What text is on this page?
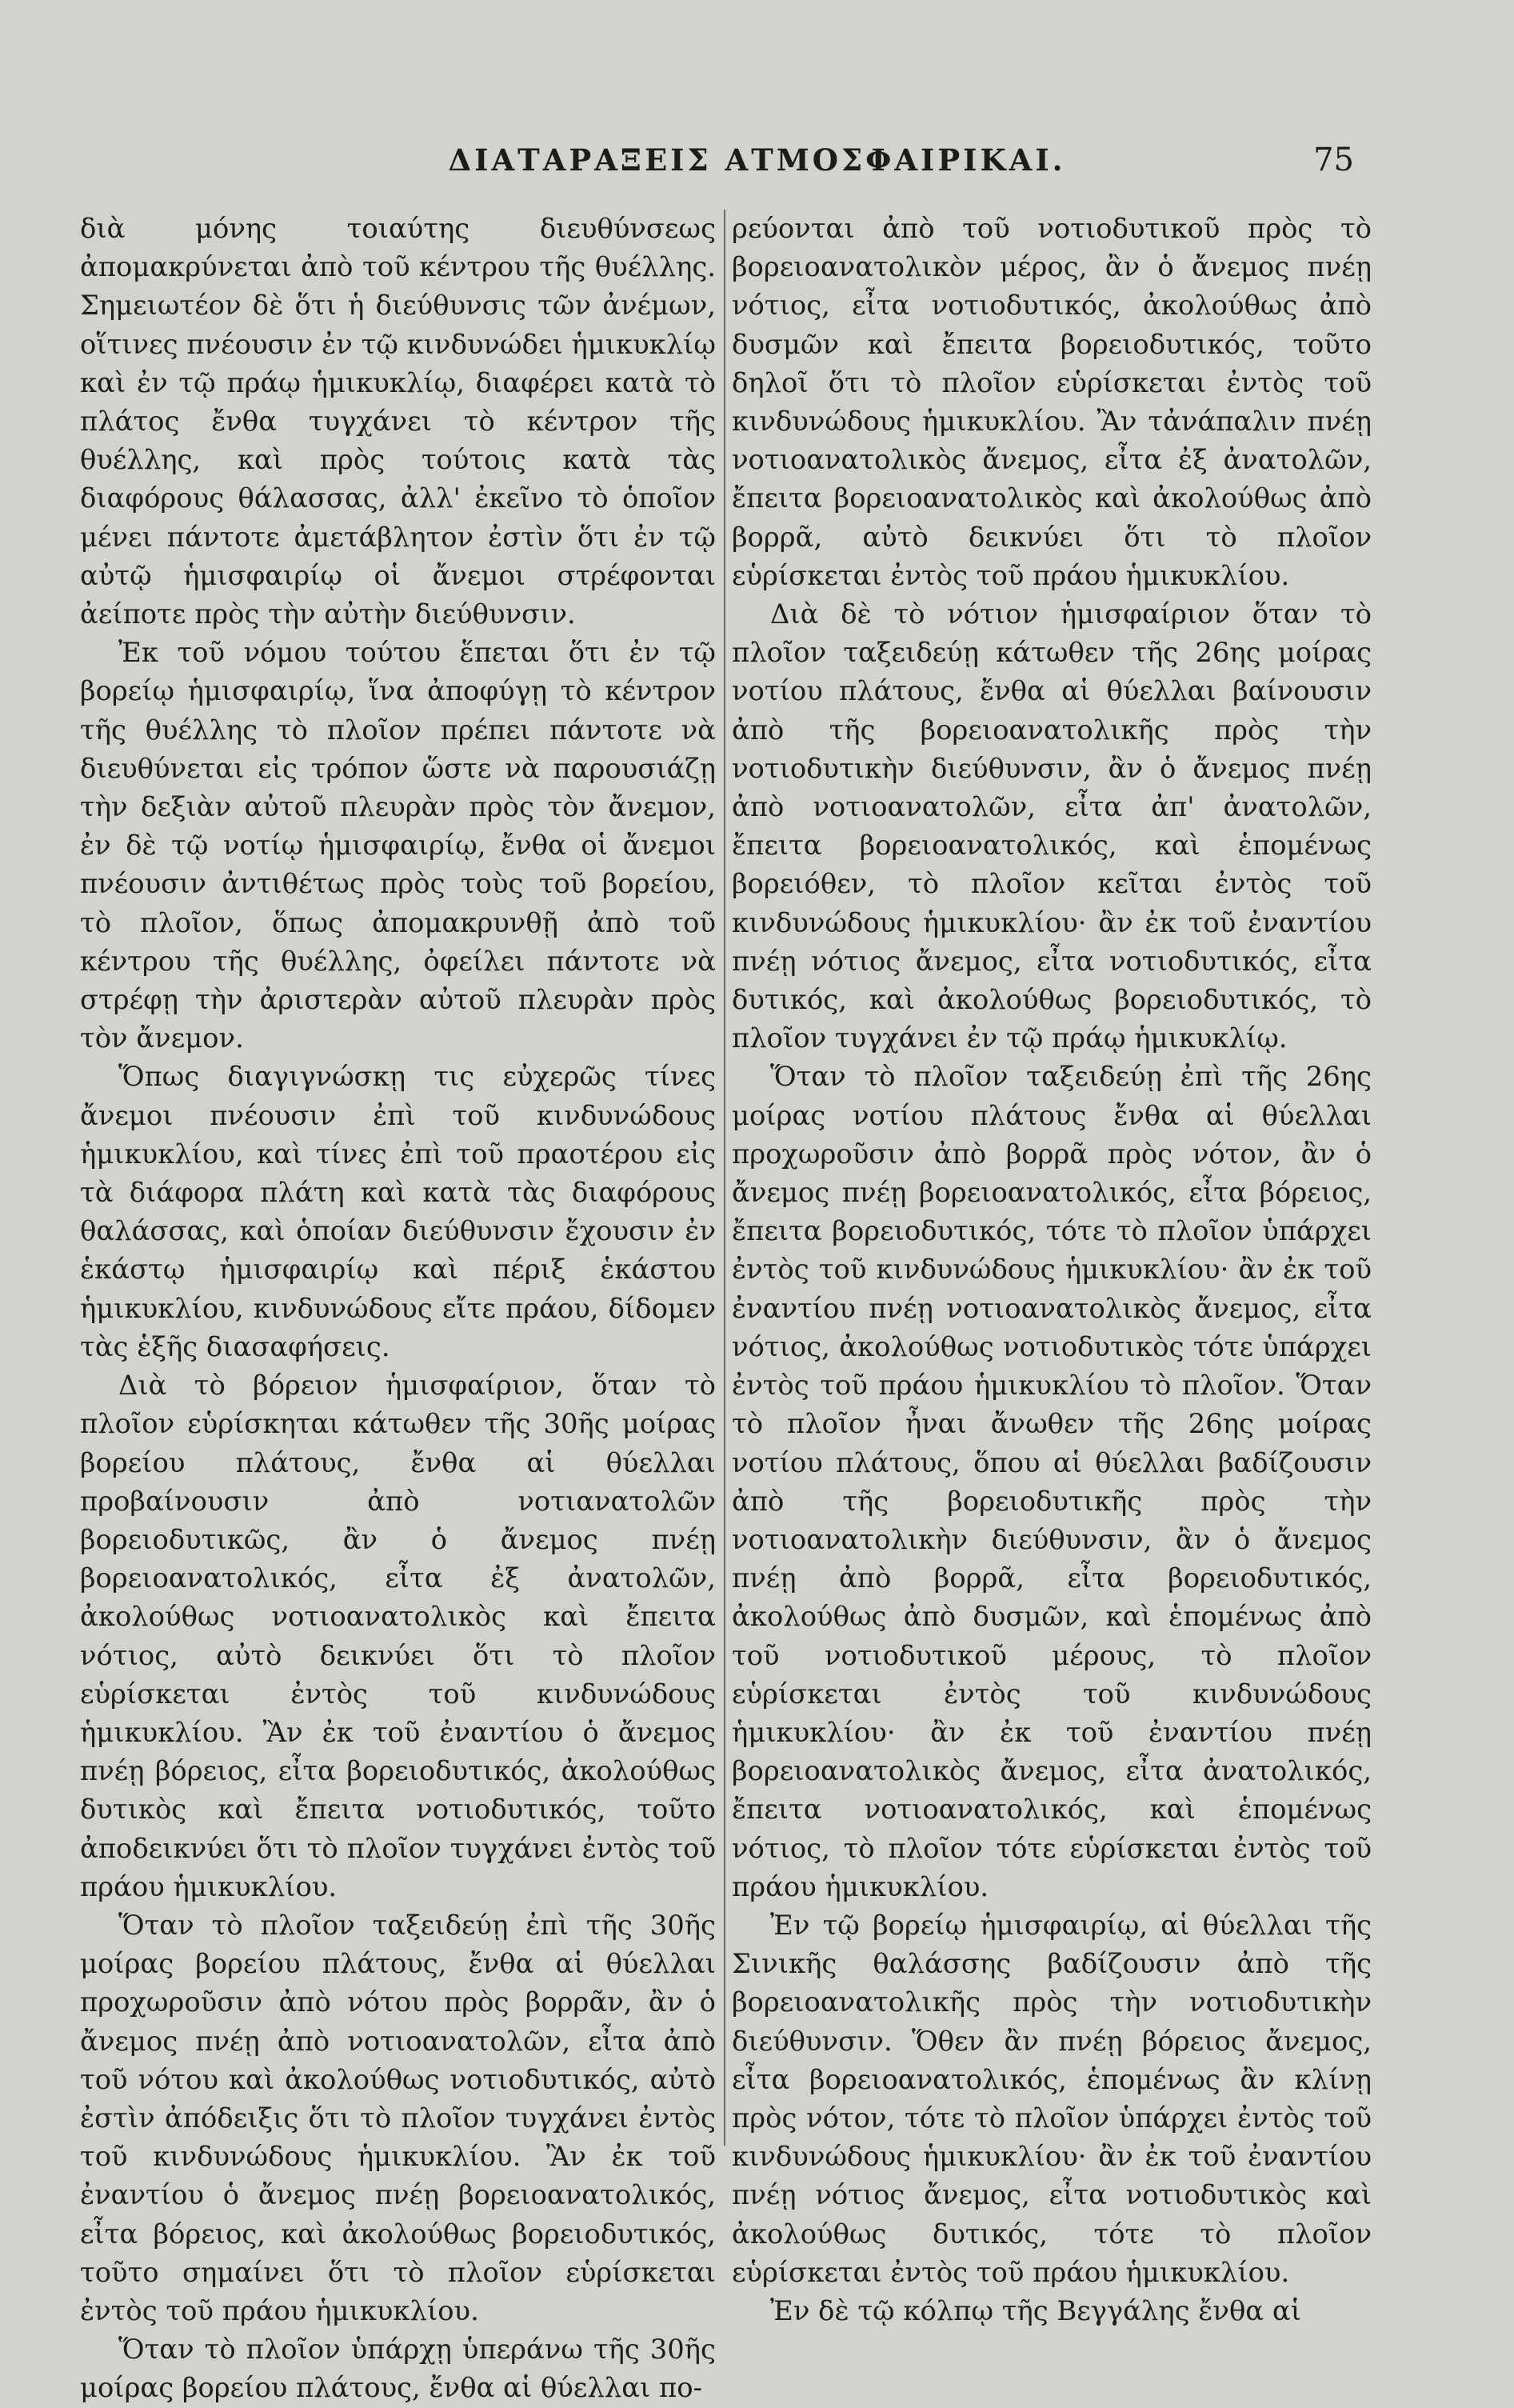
ΔΙΑΤΑΡΑΞΕΙΣ ΑΤΜΟΣΦΑΙΡΙΚΑΙ.	75

διὰ μόνης τοιαύτης διευθύνσεως ἀπομακρύνεται ἀπὸ τοῦ κέντρου τῆς θυέλλης. Σημειωτέον δὲ ὅτι ἡ διεύθυνσις τῶν ἀνέμων, οἵτινες πνέουσιν ἐν τῷ κινδυνώδει ἡμικυκλίῳ καὶ ἐν τῷ πράῳ ἡμικυκλίῳ, διαφέρει κατὰ τὸ πλάτος ἔνθα τυγχάνει τὸ κέντρον τῆς θυέλλης, καὶ πρὸς τούτοις κατὰ τὰς διαφόρους θάλασσας, ἀλλ' ἐκεῖνο τὸ ὁποῖον μένει πάντοτε ἀμετάβλητον ἐστὶν ὅτι ἐν τῷ αὐτῷ ἡμισφαιρίῳ οἱ ἄνεμοι στρέφονται ἀείποτε πρὸς τὴν αὐτὴν διεύθυνσιν.

Ἐκ τοῦ νόμου τούτου ἕπεται ὅτι ἐν τῷ βορείῳ ἡμισφαιρίῳ, ἵνα ἀποφύγῃ τὸ κέντρον τῆς θυέλλης τὸ πλοῖον πρέπει πάντοτε νὰ διευθύνεται εἰς τρόπον ὥστε νὰ παρουσιάζῃ τὴν δεξιὰν αὐτοῦ πλευρὰν πρὸς τὸν ἄνεμον, ἐν δὲ τῷ νοτίῳ ἡμισφαιρίῳ, ἔνθα οἱ ἄνεμοι πνέουσιν ἀντιθέτως πρὸς τοὺς τοῦ βορείου, τὸ πλοῖον, ὅπως ἀπομακρυνθῇ ἀπὸ τοῦ κέντρου τῆς θυέλλης, ὀφείλει πάντοτε νὰ στρέφῃ τὴν ἀριστερὰν αὐτοῦ πλευρὰν πρὸς τὸν ἄνεμον.

Ὅπως διαγιγνώσκῃ τις εὐχερῶς τίνες ἄνεμοι πνέουσιν ἐπὶ τοῦ κινδυνώδους ἡμικυκλίου, καὶ τίνες ἐπὶ τοῦ πραοτέρου εἰς τὰ διάφορα πλάτη καὶ κατὰ τὰς διαφόρους θαλάσσας, καὶ ὁποίαν διεύθυνσιν ἔχουσιν ἐν ἑκάστῳ ἡμισφαιρίῳ καὶ πέριξ ἑκάστου ἡμικυκλίου, κινδυνώδους εἴτε πράου, δίδομεν τὰς ἑξῆς διασαφήσεις.

Διὰ τὸ βόρειον ἡμισφαίριον, ὅταν τὸ πλοῖον εὑρίσκηται κάτωθεν τῆς 30ῆς μοίρας βορείου πλάτους, ἔνθα αἱ θύελλαι προβαίνουσιν ἀπὸ νοτιανατολῶν βορειοδυτικῶς, ἂν ὁ ἄνεμος πνέῃ βορειοανατολικός, εἶτα ἐξ ἀνατολῶν, ἀκολούθως νοτιοανατολικὸς καὶ ἔπειτα νότιος, αὐτὸ δεικνύει ὅτι τὸ πλοῖον εὑρίσκεται ἐντὸς τοῦ κινδυνώδους ἡμικυκλίου. Ἂν ἐκ τοῦ ἐναντίου ὁ ἄνεμος πνέῃ βόρειος, εἶτα βορειοδυτικός, ἀκολούθως δυτικὸς καὶ ἔπειτα νοτιοδυτικός, τοῦτο ἀποδεικνύει ὅτι τὸ πλοῖον τυγχάνει ἐντὸς τοῦ πράου ἡμικυκλίου.

Ὅταν τὸ πλοῖον ταξειδεύῃ ἐπὶ τῆς 30ῆς μοίρας βορείου πλάτους, ἔνθα αἱ θύελλαι προχωροῦσιν ἀπὸ νότου πρὸς βορρᾶν, ἂν ὁ ἄνεμος πνέῃ ἀπὸ νοτιοανατολῶν, εἶτα ἀπὸ τοῦ νότου καὶ ἀκολούθως νοτιοδυτικός, αὐτὸ ἐστὶν ἀπόδειξις ὅτι τὸ πλοῖον τυγχάνει ἐντὸς τοῦ κινδυνώδους ἡμικυκλίου. Ἂν ἐκ τοῦ ἐναντίου ὁ ἄνεμος πνέῃ βορειοανατολικός, εἶτα βόρειος, καὶ ἀκολούθως βορειοδυτικός, τοῦτο σημαίνει ὅτι τὸ πλοῖον εὑρίσκεται ἐντὸς τοῦ πράου ἡμικυκλίου.

Ὅταν τὸ πλοῖον ὑπάρχῃ ὑπεράνω τῆς 30ῆς μοίρας βορείου πλάτους, ἔνθα αἱ θύελλαι πο-

ρεύονται ἀπὸ τοῦ νοτιοδυτικοῦ πρὸς τὸ βορειοανατολικὸν μέρος, ἂν ὁ ἄνεμος πνέῃ νότιος, εἶτα νοτιοδυτικός, ἀκολούθως ἀπὸ δυσμῶν καὶ ἔπειτα βορειοδυτικός, τοῦτο δηλοῖ ὅτι τὸ πλοῖον εὑρίσκεται ἐντὸς τοῦ κινδυνώδους ἡμικυκλίου. Ἂν τἀνάπαλιν πνέῃ νοτιοανατολικὸς ἄνεμος, εἶτα ἐξ ἀνατολῶν, ἔπειτα βορειοανατολικὸς καὶ ἀκολούθως ἀπὸ βορρᾶ, αὐτὸ δεικνύει ὅτι τὸ πλοῖον εὑρίσκεται ἐντὸς τοῦ πράου ἡμικυκλίου.

Διὰ δὲ τὸ νότιον ἡμισφαίριον ὅταν τὸ πλοῖον ταξειδεύῃ κάτωθεν τῆς 26ης μοίρας νοτίου πλάτους, ἔνθα αἱ θύελλαι βαίνουσιν ἀπὸ τῆς βορειοανατολικῆς πρὸς τὴν νοτιοδυτικὴν διεύθυνσιν, ἂν ὁ ἄνεμος πνέῃ ἀπὸ νοτιοανατολῶν, εἶτα ἀπ' ἀνατολῶν, ἔπειτα βορειοανατολικός, καὶ ἑπομένως βορειόθεν, τὸ πλοῖον κεῖται ἐντὸς τοῦ κινδυνώδους ἡμικυκλίου· ἂν ἐκ τοῦ ἐναντίου πνέῃ νότιος ἄνεμος, εἶτα νοτιοδυτικός, εἶτα δυτικός, καὶ ἀκολούθως βορειοδυτικός, τὸ πλοῖον τυγχάνει ἐν τῷ πράῳ ἡμικυκλίῳ.

Ὅταν τὸ πλοῖον ταξειδεύῃ ἐπὶ τῆς 26ης μοίρας νοτίου πλάτους ἔνθα αἱ θύελλαι προχωροῦσιν ἀπὸ βορρᾶ πρὸς νότον, ἂν ὁ ἄνεμος πνέῃ βορειοανατολικός, εἶτα βόρειος, ἔπειτα βορειοδυτικός, τότε τὸ πλοῖον ὑπάρχει ἐντὸς τοῦ κινδυνώδους ἡμικυκλίου· ἂν ἐκ τοῦ ἐναντίου πνέῃ νοτιοανατολικὸς ἄνεμος, εἶτα νότιος, ἀκολούθως νοτιοδυτικὸς τότε ὑπάρχει ἐντὸς τοῦ πράου ἡμικυκλίου τὸ πλοῖον. Ὅταν τὸ πλοῖον ἦναι ἄνωθεν τῆς 26ης μοίρας νοτίου πλάτους, ὅπου αἱ θύελλαι βαδίζουσιν ἀπὸ τῆς βορειοδυτικῆς πρὸς τὴν νοτιοανατολικὴν διεύθυνσιν, ἂν ὁ ἄνεμος πνέῃ ἀπὸ βορρᾶ, εἶτα βορειοδυτικός, ἀκολούθως ἀπὸ δυσμῶν, καὶ ἑπομένως ἀπὸ τοῦ νοτιοδυτικοῦ μέρους, τὸ πλοῖον εὑρίσκεται ἐντὸς τοῦ κινδυνώδους ἡμικυκλίου· ἂν ἐκ τοῦ ἐναντίου πνέῃ βορειοανατολικὸς ἄνεμος, εἶτα ἀνατολικός, ἔπειτα νοτιοανατολικός, καὶ ἑπομένως νότιος, τὸ πλοῖον τότε εὑρίσκεται ἐντὸς τοῦ πράου ἡμικυκλίου.

Ἐν τῷ βορείῳ ἡμισφαιρίῳ, αἱ θύελλαι τῆς Σινικῆς θαλάσσης βαδίζουσιν ἀπὸ τῆς βορειοανατολικῆς πρὸς τὴν νοτιοδυτικὴν διεύθυνσιν. Ὅθεν ἂν πνέῃ βόρειος ἄνεμος, εἶτα βορειοανατολικός, ἑπομένως ἂν κλίνῃ πρὸς νότον, τότε τὸ πλοῖον ὑπάρχει ἐντὸς τοῦ κινδυνώδους ἡμικυκλίου· ἂν ἐκ τοῦ ἐναντίου πνέῃ νότιος ἄνεμος, εἶτα νοτιοδυτικὸς καὶ ἀκολούθως δυτικός, τότε τὸ πλοῖον εὑρίσκεται ἐντὸς τοῦ πράου ἡμικυκλίου.

Ἐν δὲ τῷ κόλπῳ τῆς Βεγγάλης ἔνθα αἱ
